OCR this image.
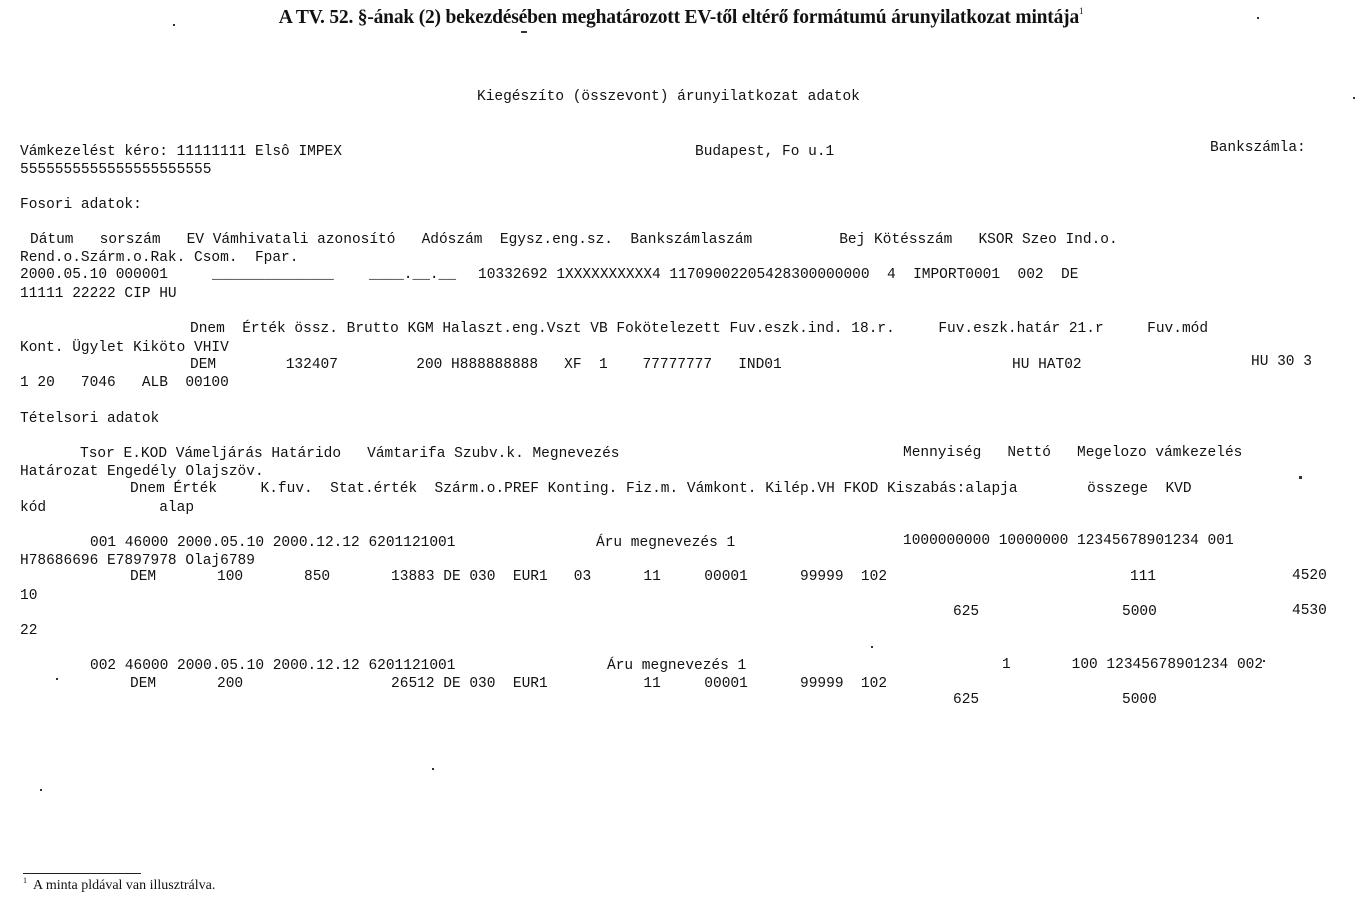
A TV. 52. §-ának (2) bekezdésében meghatározott EV-től eltérő formátumú árunyilatkozat mintája$^1$
Kiegészíto (összevont) árunyilatkozat adatok
Vámkezelést kéro: 11111111 Elsô IMPEX	Budapest, Fo u.1	Bankszámla:
5555555555555555555555
Fosori adatok:
Dátum   sorszám   EV Vámhivatali azonosító   Adószám  Egysz.eng.sz.  Bankszámlaszám          Bej Kötésszám   KSOR Szeo Ind.o.
Rend.o.Szárm.o.Rak. Csom.  Fpar.
2000.05.10 000001	______________ ____.__.__ 10332692 1XXXXXXXXXX4 11709002205428300000000  4  IMPORT0001  002  DE
11111 22222 CIP HU
Dnem  Érték össz. Brutto KGM Halaszt.eng.Vszt VB Fokötelezett Fuv.eszk.ind. 18.r.     Fuv.eszk.határ 21.r     Fuv.mód
Kont. Ügylet Kiköto VHIV
DEM        132407         200 H888888888   XF  1    77777777   IND01	HU HAT02	HU 30 3
1 20   7046   ALB  00100
Tételsori adatok
Tsor E.KOD Vámeljárás Határido   Vámtarifa Szubv.k. Megnevezés	Mennyiség   Nettó   Megelozo vámkezelés
Határozat Engedély Olajszöv.
Dnem Érték     K.fuv.  Stat.érték  Szárm.o.PREF Konting. Fiz.m. Vámkont. Kilép.VH FKOD Kiszabás:alapja        összege  KVD
kód             alap
001 46000 2000.05.10 2000.12.12 6201121001	Áru megnevezés 1	1000000000 10000000 12345678901234 001
H78686696 E7897978 Olaj6789
DEM       100       850       13883 DE 030  EUR1   03      11     00001      99999  102	111	4520
10
625	5000	4530
22
002 46000 2000.05.10 2000.12.12 6201121001	Áru megnevezés 1	1       100 12345678901234 002
DEM       200                 26512 DE 030  EUR1           11     00001      99999  102
625	5000
$^1$ A minta pldával van illusztrálva.
